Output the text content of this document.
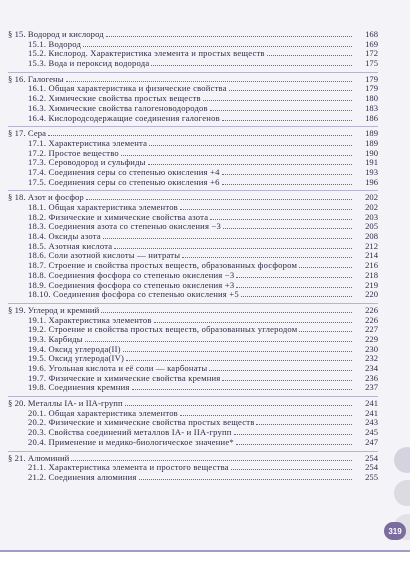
§ 15. Водород и кислород	168
15.1. Водород	169
15.2. Кислород. Характеристика элемента и простых веществ	172
15.3. Вода и пероксид водорода	175
§ 16. Галогены	179
16.1. Общая характеристика и физические свойства	179
16.2. Химические свойства простых веществ	180
16.3. Химические свойства галогеноводородов	183
16.4. Кислородсодержащие соединения галогенов	186
§ 17. Сера	189
17.1. Характеристика элемента	189
17.2. Простое вещество	190
17.3. Сероводород и сульфиды	191
17.4. Соединения серы со степенью окисления +4	193
17.5. Соединения серы со степенью окисления +6	196
§ 18. Азот и фосфор	202
18.1. Общая характеристика элементов	202
18.2. Физические и химические свойства азота	203
18.3. Соединения азота со степенью окисления −3	205
18.4. Оксиды азота	208
18.5. Азотная кислота	212
18.6. Соли азотной кислоты — нитраты	214
18.7. Строение и свойства простых веществ, образованных фосфором	216
18.8. Соединения фосфора со степенью окисления −3	218
18.9. Соединения фосфора со степенью окисления +3	219
18.10. Соединения фосфора со степенью окисления +5	220
§ 19. Углерод и кремний	226
19.1. Характеристика элементов	226
19.2. Строение и свойства простых веществ, образованных углеродом	227
19.3. Карбиды	229
19.4. Оксид углерода(II)	230
19.5. Оксид углерода(IV)	232
19.6. Угольная кислота и её соли — карбонаты	234
19.7. Физические и химические свойства кремния	236
19.8. Соединения кремния	237
§ 20. Металлы IA- и IIA-групп	241
20.1. Общая характеристика элементов	241
20.2. Физические и химические свойства простых веществ	243
20.3. Свойства соединений металлов IA- и IIA-групп	245
20.4. Применение и медико-биологическое значение*	247
§ 21. Алюминий	254
21.1. Характеристика элемента и простого вещества	254
21.2. Соединения алюминия	255
319
